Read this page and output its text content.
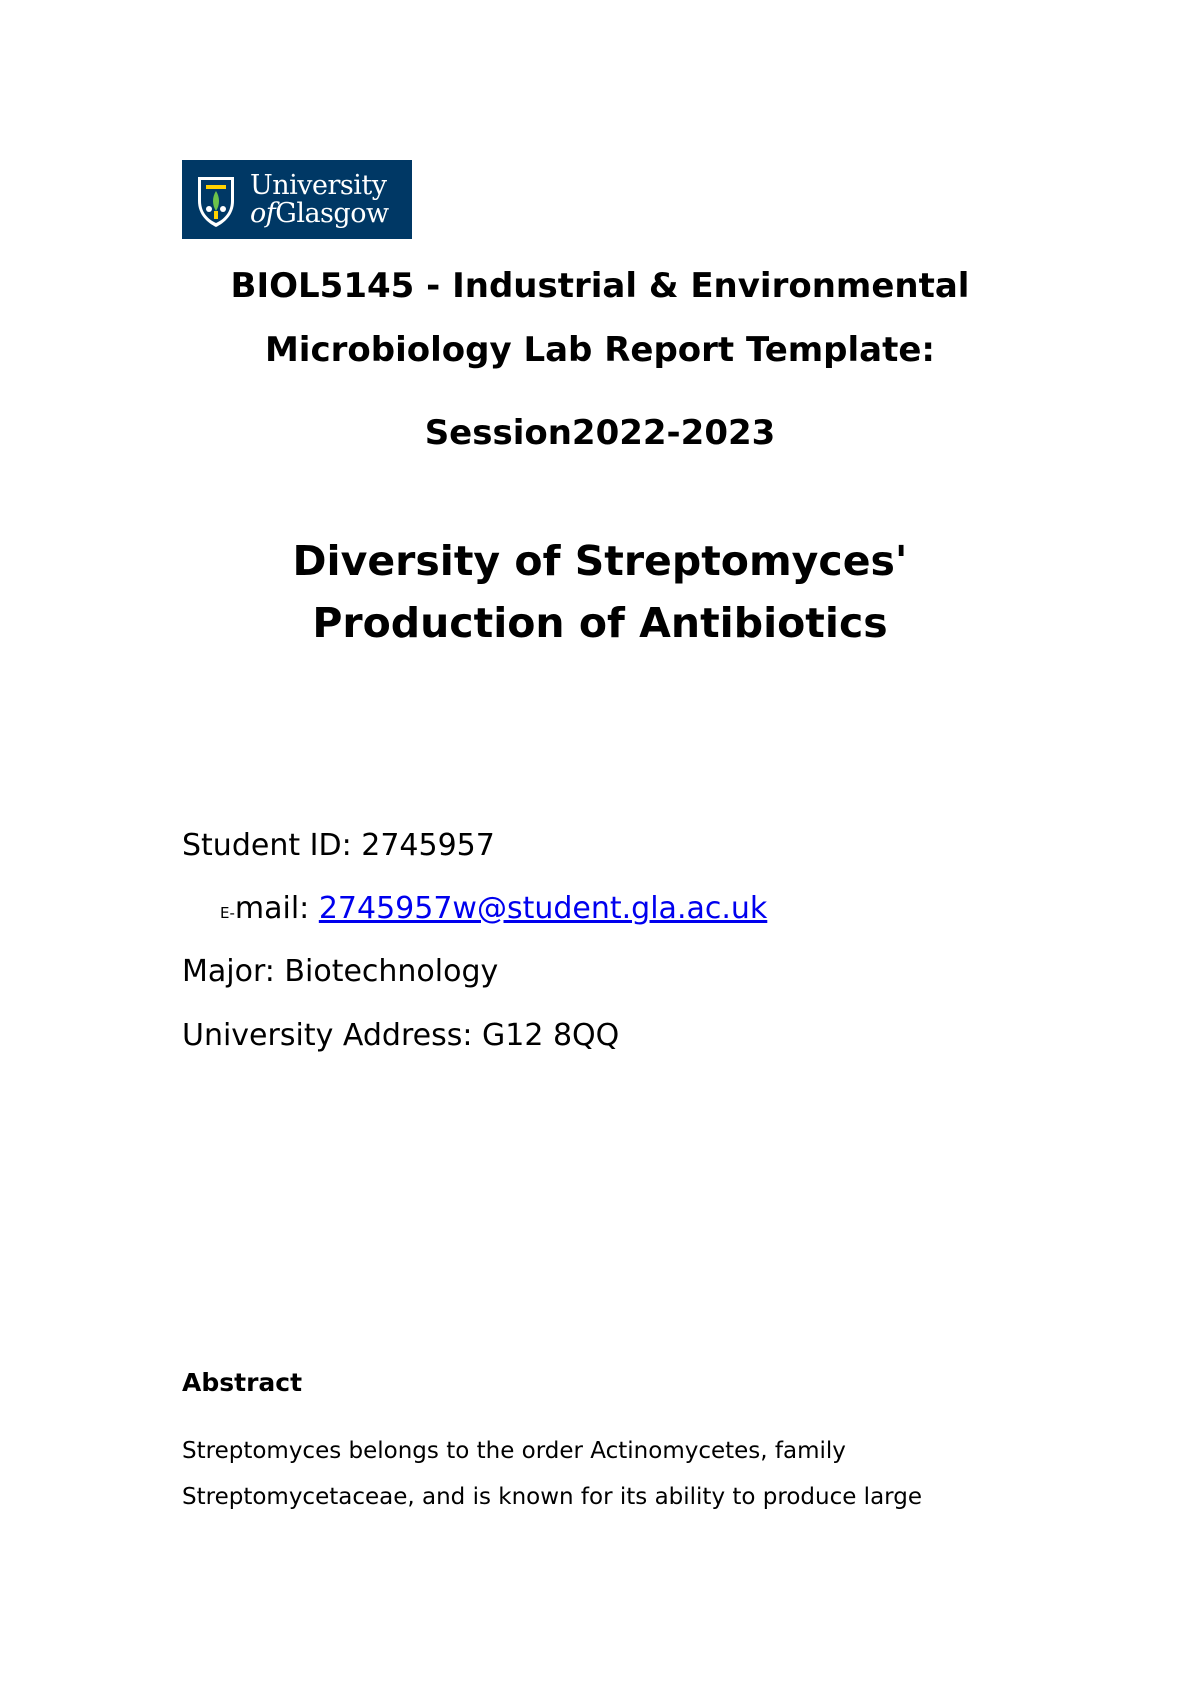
University
ofGlasgow

BIOL5145 - Industrial & Environmental

Microbiology Lab Report Template:

Session2022-2023

Diversity of Streptomyces'
Production of Antibiotics

Student ID: 2745957

E-mail: 2745957w@student.gla.ac.uk

Major: Biotechnology

University Address: G12 8QQ

Abstract

Streptomyces belongs to the order Actinomycetes, family Streptomycetaceae, and is known for its ability to produce large
